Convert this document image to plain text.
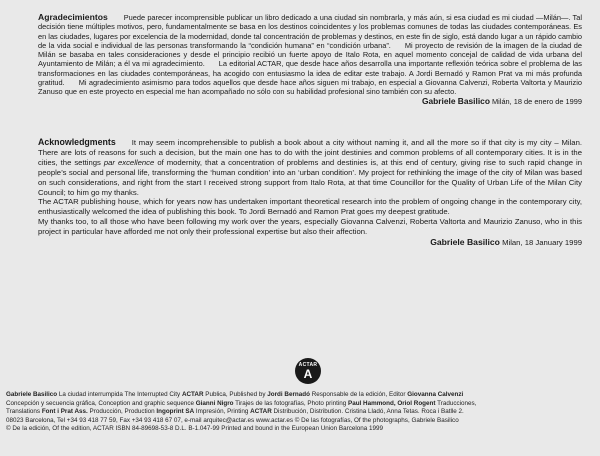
Agradecimientos Puede parecer incomprensible publicar un libro dedicado a una ciudad sin nombrarla, y más aún, si esa ciudad es mi ciudad —Milán—. Tal decisión tiene múltiples motivos, pero, fundamentalmente se basa en los destinos coincidentes y los problemas comunes de todas las ciudades contemporáneas. Es en las ciudades, lugares por excelencia de la modernidad, donde tal concentración de problemas y destinos, en este fin de siglo, está dando lugar a un rápido cambio de la vida social e individual de las personas transformando la “condición humana” en “condición urbana”. Mi proyecto de revisión de la imagen de la ciudad de Milán se basaba en tales consideraciones y desde el principio recibió un fuerte apoyo de Italo Rota, en aquel momento concejal de calidad de vida urbana del Ayuntamiento de Milán; a él va mi agradecimiento. La editorial ACTAR, que desde hace años desarrolla una importante reflexión teórica sobre el problema de las transformaciones en las ciudades contemporáneas, ha acogido con entusiasmo la idea de editar este trabajo. A Jordi Bernadó y Ramon Prat va mi más profunda gratitud. Mi agradecimiento asimismo para todos aquellos que desde hace años siguen mi trabajo, en especial a Giovanna Calvenzi, Roberta Valtorta y Maurizio Zanuso que en este proyecto en especial me han acompañado no sólo con su habilidad profesional sino también con su afecto.

Gabriele Basilico Milán, 18 de enero de 1999

Acknowledgments It may seem incomprehensible to publish a book about a city without naming it, and all the more so if that city is my city – Milan. There are lots of reasons for such a decision, but the main one has to do with the joint destinies and common problems of all contemporary cities. It is in the cities, the settings par excellence of modernity, that a concentration of problems and destinies is, at this end of century, giving rise to such rapid change in people’s social and personal life, transforming the ‘human condition’ into an ‘urban condition’. My project for rethinking the image of the city of Milan was based on such considerations, and right from the start I received strong support from Italo Rota, at that time Councillor for the Quality of Urban Life of the Milan City Council; to him go my thanks.

The ACTAR publishing house, which for years now has undertaken important theoretical research into the problem of ongoing change in the contemporary city, enthusiastically welcomed the idea of publishing this book. To Jordi Bernadó and Ramon Prat goes my deepest gratitude.

My thanks too, to all those who have been following my work over the years, especially Giovanna Calvenzi, Roberta Valtorta and Maurizio Zanuso, who in this project in particular have afforded me not only their professional expertise but also their affection.

Gabriele Basilico Milan, 18 January 1999
ACTAR
A

Gabriele Basilico La ciudad interrumpida The Interrupted City ACTAR Publica, Published by Jordi Bernadó Responsable de la edición, Editor Giovanna Calvenzi

Concepción y secuencia gráfica, Conception and graphic sequence Gianni Nigro Tirajes de las fotografías, Photo printing Paul Hammond, Oriol Rogent Traducciones,

Translations Font i Prat Ass. Producción, Production Ingoprint SA Impresión, Printing ACTAR Distribución, Distribution. Cristina Lladó, Anna Tetas. Roca i Batlle 2.

08023 Barcelona, Tel +34 93 418 77 59, Fax +34 93 418 67 07, e-mail arquitec@actar.es www.actar.es © De las fotografías, Of the photographs, Gabriele Basilico

© De la edición, Of the edition, ACTAR ISBN 84-89698-53-8 D.L. B-1.047-99 Printed and bound in the European Union Barcelona 1999
